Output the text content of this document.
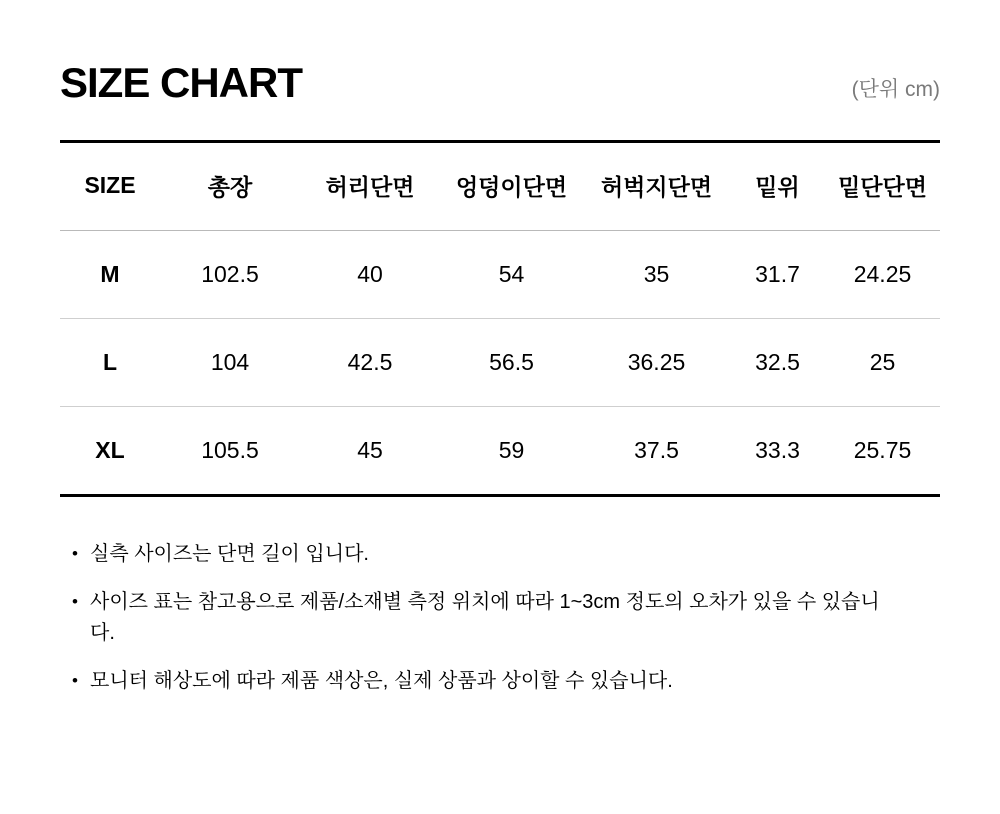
SIZE CHART	(단위 cm)
SIZE	총장	허리단면	엉덩이단면	허벅지단면	밑위	밑단단면
M	102.5	40	54	35	31.7	24.25
L	104	42.5	56.5	36.25	32.5	25
XL	105.5	45	59	37.5	33.3	25.75
• 실측 사이즈는 단면 길이 입니다.
• 사이즈 표는 참고용으로 제품/소재별 측정 위치에 따라 1~3cm 정도의 오차가 있을 수 있습니다.
• 모니터 해상도에 따라 제품 색상은, 실제 상품과 상이할 수 있습니다.
